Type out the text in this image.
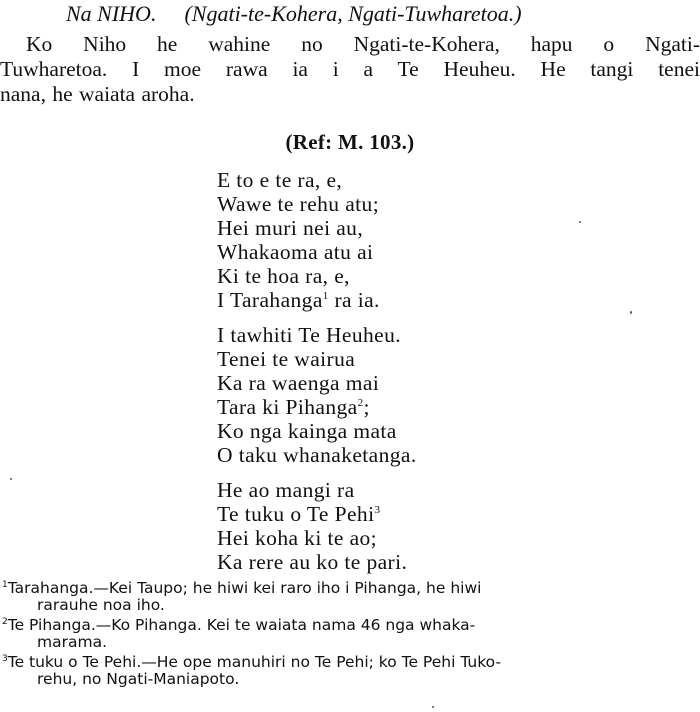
Na NIHO. (Ngati-te-Kohera, Ngati-Tuwharetoa.)

Ko Niho he wahine no Ngati-te-Kohera, hapu o Ngati-
Tuwharetoa. I moe rawa ia i a Te Heuheu. He tangi tenei
nana, he waiata aroha.

(Ref: M. 103.)
E to e te ra, e,
Wawe te rehu atu;
Hei muri nei au,
Whakaoma atu ai
Ki te hoa ra, e,
I Tarahanga$^1$ ra ia.
I tawhiti Te Heuheu.
Tenei te wairua
Ka ra waenga mai
Tara ki Pihanga$^2$;
Ko nga kainga mata
O taku whanaketanga.
He ao mangi ra
Te tuku o Te Pehi$^3$
Hei koha ki te ao;
Ka rere au ko te pari.
$^1$Tarahanga.—Kei Taupo; he hiwi kei raro iho i Pihanga, he hiwi
rarauhe noa iho.
$^2$Te Pihanga.—Ko Pihanga. Kei te waiata nama 46 nga whaka-
marama.
$^3$Te tuku o Te Pehi.—He ope manuhiri no Te Pehi; ko Te Pehi Tuko-
rehu, no Ngati-Maniapoto.
